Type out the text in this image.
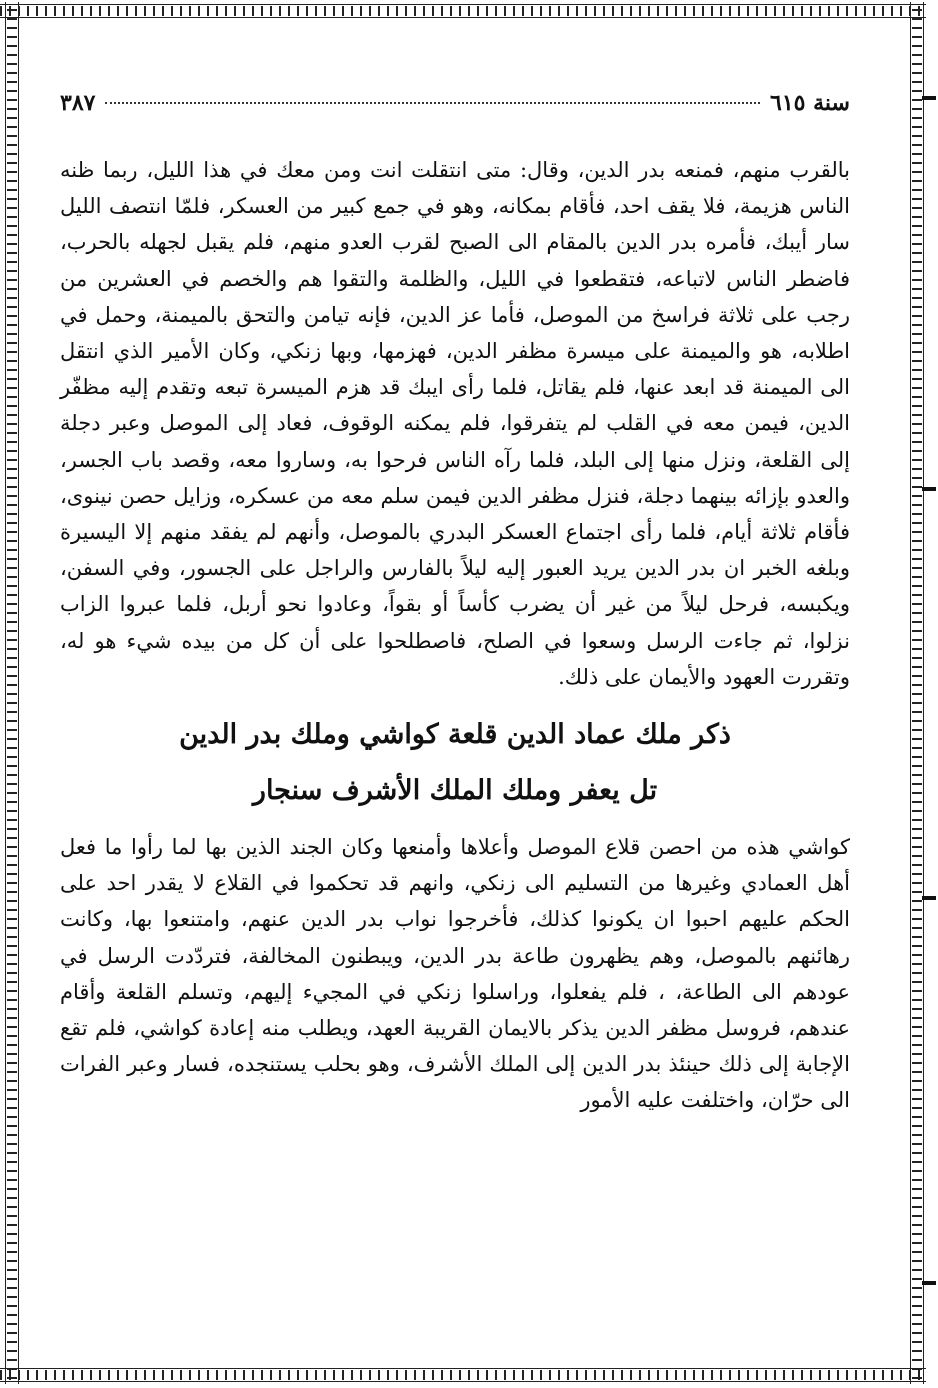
سنة ٦١٥
٣٨٧

بالقرب منهم، فمنعه بدر الدين، وقال: متى انتقلت انت ومن معك في هذا الليل، ربما ظنه الناس هزيمة، فلا يقف احد، فأقام بمكانه، وهو في جمع كبير من العسكر، فلمّا انتصف الليل سار أيبك، فأمره بدر الدين بالمقام الى الصبح لقرب العدو منهم، فلم يقبل لجهله بالحرب، فاضطر الناس لاتباعه، فتقطعوا في الليل، والظلمة والتقوا هم والخصم في العشرين من رجب على ثلاثة فراسخ من الموصل، فأما عز الدين، فإنه تيامن والتحق بالميمنة، وحمل في اطلابه، هو والميمنة على ميسرة مظفر الدين، فهزمها، وبها زنكي، وكان الأمير الذي انتقل الى الميمنة قد ابعد عنها، فلم يقاتل، فلما رأى ايبك قد هزم الميسرة تبعه وتقدم إليه مظفّر الدين، فيمن معه في القلب لم يتفرقوا، فلم يمكنه الوقوف، فعاد إلى الموصل وعبر دجلة إلى القلعة، ونزل منها إلى البلد، فلما رآه الناس فرحوا به، وساروا معه، وقصد باب الجسر، والعدو بإزائه بينهما دجلة، فنزل مظفر الدين فيمن سلم معه من عسكره، وزايل حصن نينوى، فأقام ثلاثة أيام، فلما رأى اجتماع العسكر البدري بالموصل، وأنهم لم يفقد منهم إلا اليسيرة وبلغه الخبر ان بدر الدين يريد العبور إليه ليلاً بالفارس والراجل على الجسور، وفي السفن، ويكبسه، فرحل ليلاً من غير أن يضرب كأساً أو بقواً، وعادوا نحو أربل، فلما عبروا الزاب نزلوا، ثم جاءت الرسل وسعوا في الصلح، فاصطلحوا على أن كل من بيده شيء هو له، وتقررت العهود والأيمان على ذلك.

ذكر ملك عماد الدين قلعة كواشي وملك بدر الدين
تل يعفر وملك الملك الأشرف سنجار

كواشي هذه من احصن قلاع الموصل وأعلاها وأمنعها وكان الجند الذين بها لما رأوا ما فعل أهل العمادي وغيرها من التسليم الى زنكي، وانهم قد تحكموا في القلاع لا يقدر احد على الحكم عليهم احبوا ان يكونوا كذلك، فأخرجوا نواب بدر الدين عنهم، وامتنعوا بها، وكانت رهائنهم بالموصل، وهم يظهرون طاعة بدر الدين، ويبطنون المخالفة، فتردّدت الرسل في عودهم الى الطاعة، ، فلم يفعلوا، وراسلوا زنكي في المجيء إليهم، وتسلم القلعة وأقام عندهم، فروسل مظفر الدين يذكر بالايمان القريبة العهد، ويطلب منه إعادة كواشي، فلم تقع الإجابة إلى ذلك حينئذ بدر الدين إلى الملك الأشرف، وهو بحلب يستنجده، فسار وعبر الفرات الى حرّان، واختلفت عليه الأمور
